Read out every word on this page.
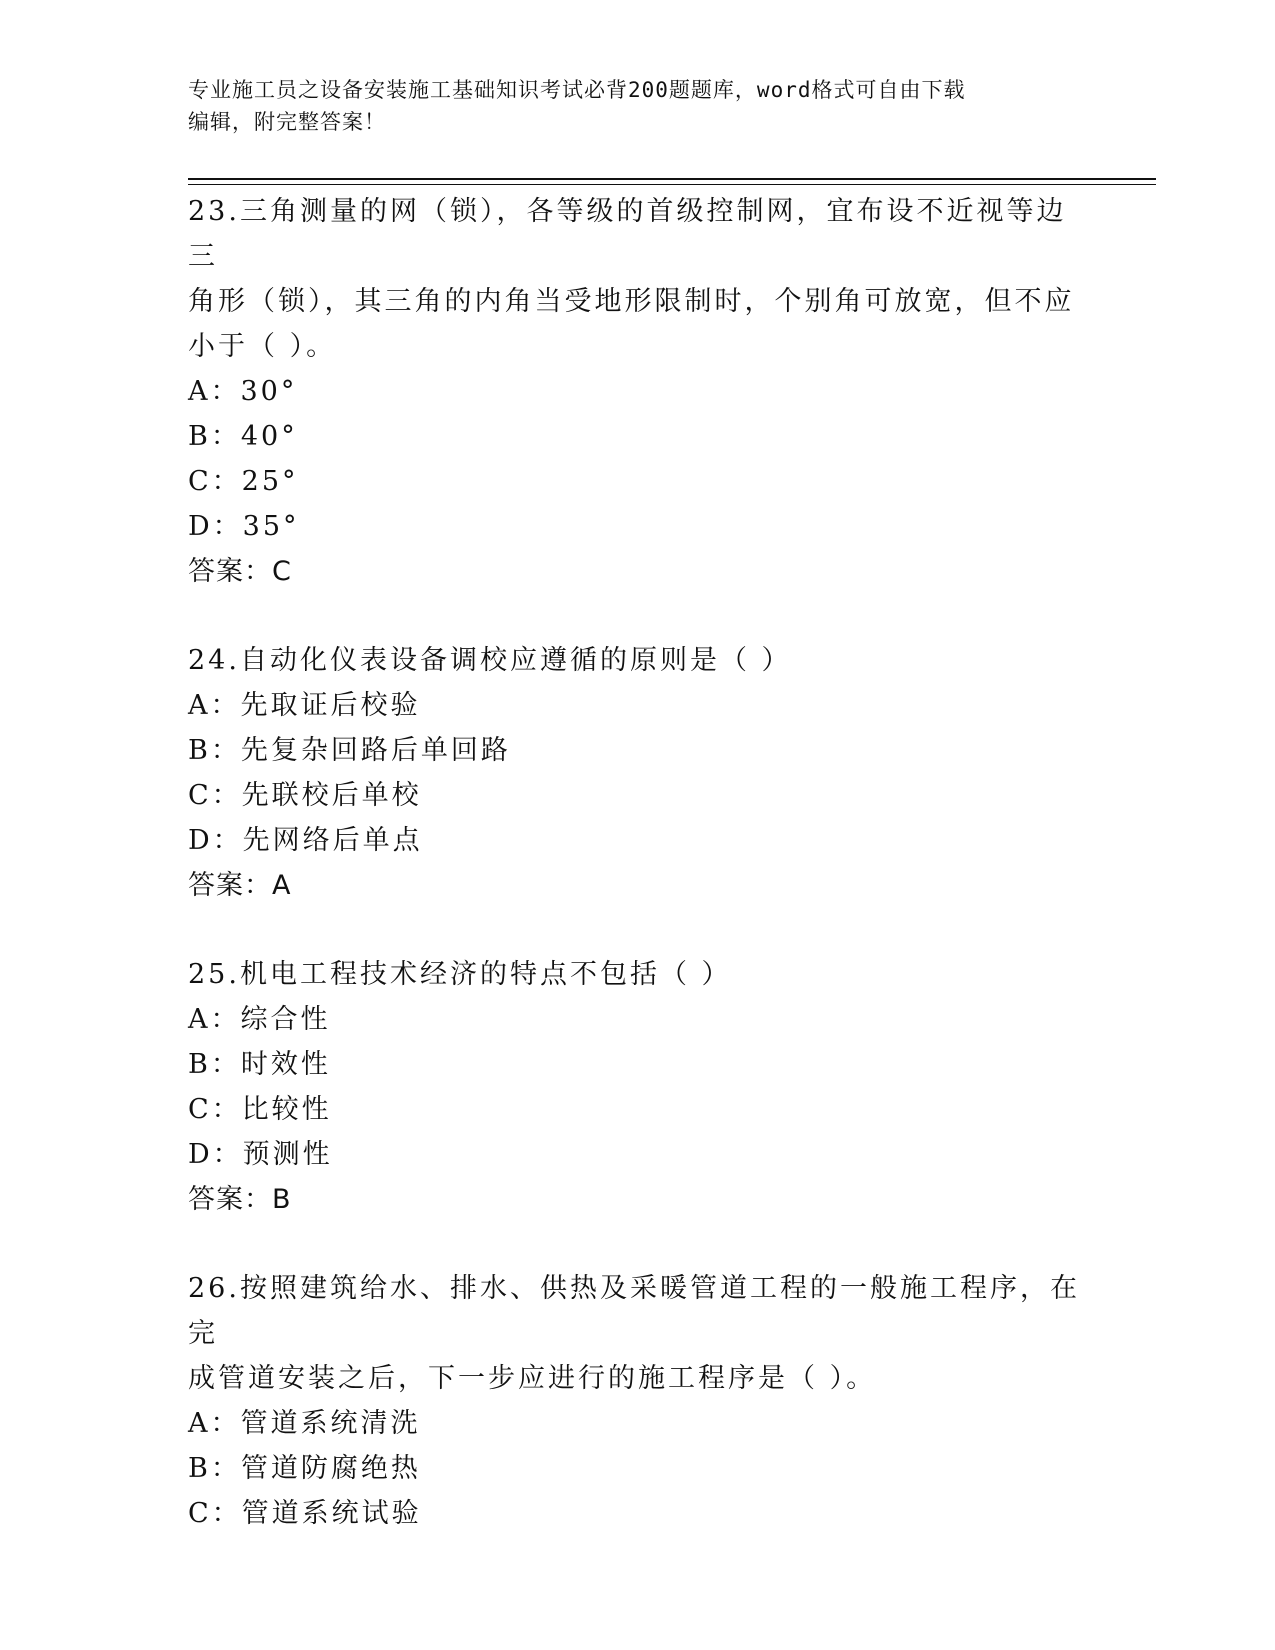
专业施工员之设备安装施工基础知识考试必背200题题库，word格式可自由下载
编辑，附完整答案！
23.三角测量的网（锁），各等级的首级控制网，宜布设不近视等边三
角形（锁），其三角的内角当受地形限制时，个别角可放宽，但不应
小于（ ）。
A：30°
B：40°
C：25°
D：35°
答案：C
24.自动化仪表设备调校应遵循的原则是（ ）
A：先取证后校验
B：先复杂回路后单回路
C：先联校后单校
D：先网络后单点
答案：A
25.机电工程技术经济的特点不包括（ ）
A：综合性
B：时效性
C：比较性
D：预测性
答案：B
26.按照建筑给水、排水、供热及采暖管道工程的一般施工程序，在完
成管道安装之后，下一步应进行的施工程序是（ ）。
A：管道系统清洗
B：管道防腐绝热
C：管道系统试验
